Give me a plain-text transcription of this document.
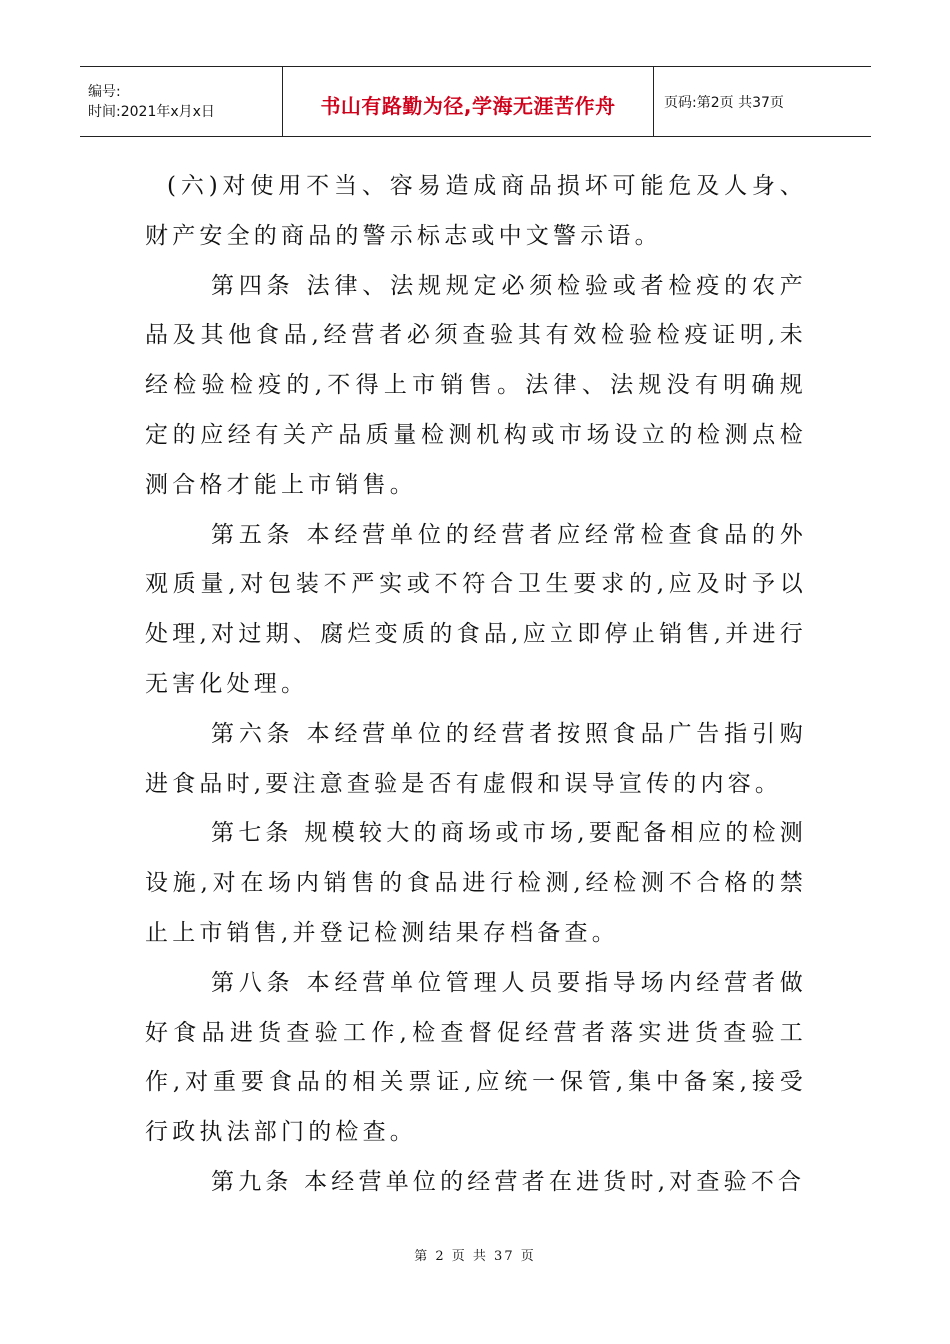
编号:
时间:2021年x月x日	书山有路勤为径,学海无涯苦作舟	页码:第2页 共37页

(六)对使用不当、容易造成商品损坏可能危及人身、财产安全的商品的警示标志或中文警示语。

第四条 法律、法规规定必须检验或者检疫的农产品及其他食品,经营者必须查验其有效检验检疫证明,未经检验检疫的,不得上市销售。法律、法规没有明确规定的应经有关产品质量检测机构或市场设立的检测点检测合格才能上市销售。

第五条 本经营单位的经营者应经常检查食品的外观质量,对包装不严实或不符合卫生要求的,应及时予以处理,对过期、腐烂变质的食品,应立即停止销售,并进行无害化处理。

第六条 本经营单位的经营者按照食品广告指引购进食品时,要注意查验是否有虚假和误导宣传的内容。

第七条 规模较大的商场或市场,要配备相应的检测设施,对在场内销售的食品进行检测,经检测不合格的禁止上市销售,并登记检测结果存档备查。

第八条 本经营单位管理人员要指导场内经营者做好食品进货查验工作,检查督促经营者落实进货查验工作,对重要食品的相关票证,应统一保管,集中备案,接受行政执法部门的检查。

第九条 本经营单位的经营者在进货时,对查验不合

第 2 页 共 37 页
